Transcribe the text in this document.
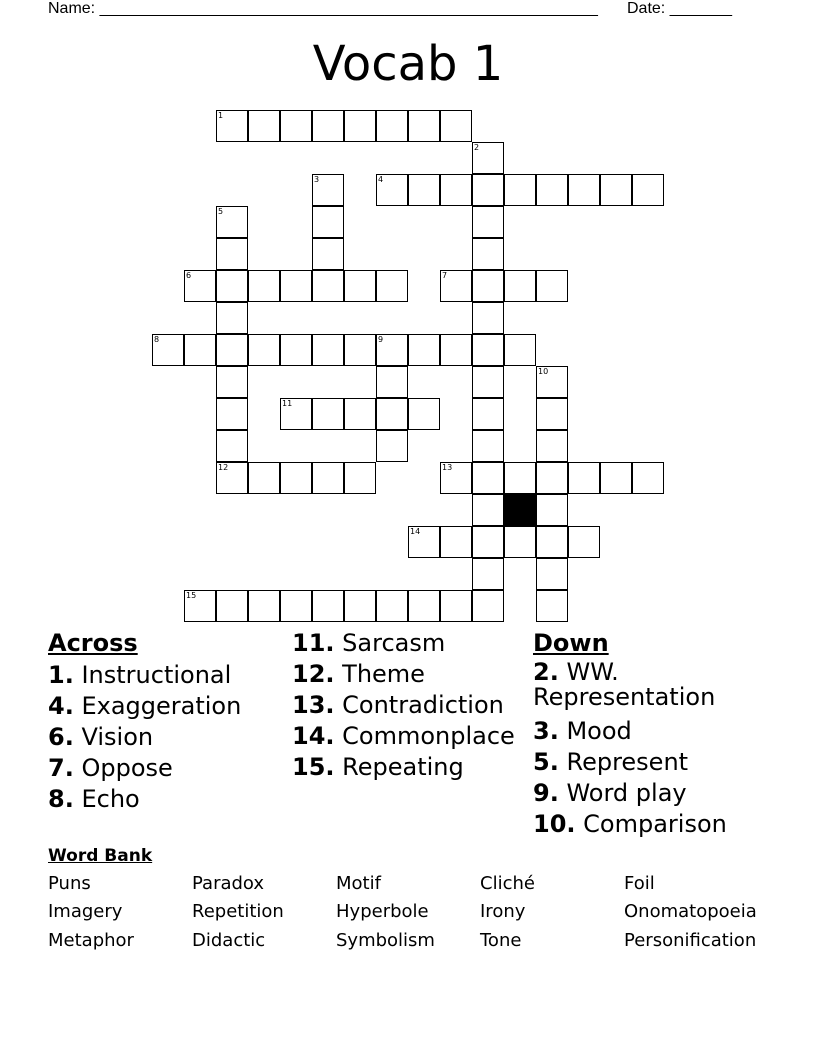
Name: ________________________________________________________ Date: _______
Vocab 1
1
2
3	4
5
12
6	7
8	9
10
11
13
14
15
Across
1. Instructional
4. Exaggeration
6. Vision
7. Oppose
8. Echo
11. Sarcasm
12. Theme
13. Contradiction
14. Commonplace
15. Repeating
Down
2. WW. Representation
3. Mood
5. Represent
9. Word play
10. Comparison
Word Bank
Puns	Paradox	Motif	Cliché	Foil
Imagery	Repetition	Hyperbole	Irony	Onomatopoeia
Metaphor	Didactic	Symbolism	Tone	Personification
